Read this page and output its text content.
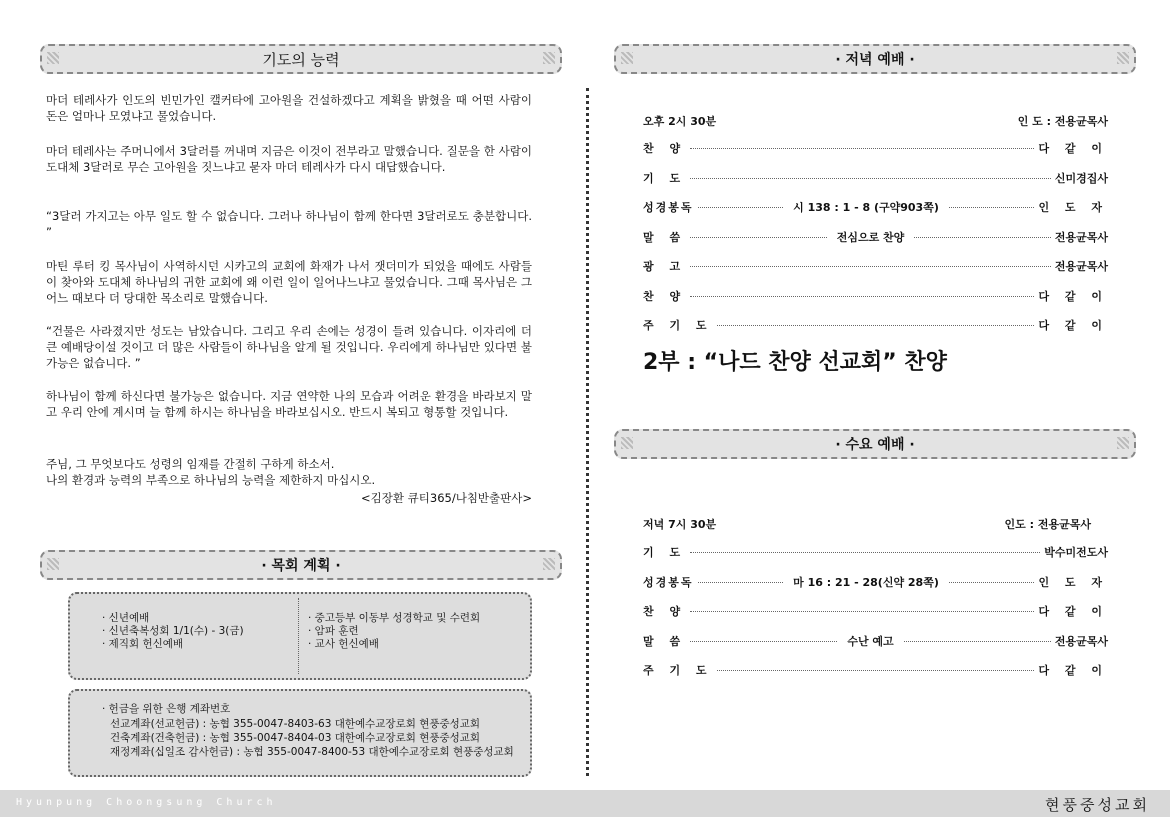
기도의 능력

마더 테레사가 인도의 빈민가인 캘커타에 고아원을 건설하겠다고 계획을 밝혔을 때 어떤 사람이 돈은 얼마나 모였냐고 물었습니다.

마더 테레사는 주머니에서 3달러를 꺼내며 지금은 이것이 전부라고 말했습니다. 질문을 한 사람이 도대체 3달러로 무슨 고아원을 짓느냐고 묻자 마더 테레사가 다시 대답했습니다.

“3달러 가지고는 아무 일도 할 수 없습니다. 그러나 하나님이 함께 한다면 3달러로도 충분합니다. ”

마틴 루터 킹 목사님이 사역하시던 시카고의 교회에 화재가 나서 잿더미가 되었을 때에도 사람들이 찾아와 도대체 하나님의 귀한 교회에 왜 이런 일이 일어나느냐고 물었습니다. 그때 목사님은 그 어느 때보다 더 당대한 목소리로 말했습니다.

“건물은 사라졌지만 성도는 남았습니다. 그리고 우리 손에는 성경이 들려 있습니다. 이자리에 더 큰 예배당이설 것이고 더 많은 사람들이 하나님을 알게 될 것입니다. 우리에게 하나님만 있다면 불가능은 없습니다. ”

하나님이 함께 하신다면 불가능은 없습니다. 지금 연약한 나의 모습과 어려운 환경을 바라보지 말고 우리 안에 계시며 늘 함께 하시는 하나님을 바라보십시오. 반드시 복되고 형통할 것입니다.

주님, 그 무엇보다도 성령의 임재를 간절히 구하게 하소서.
나의 환경과 능력의 부족으로 하나님의 능력을 제한하지 마십시오.

<김장환 큐티365/나침반출판사>
· 목회 계획 ·
· 신년예배
· 신년축복성회 1/1(수) - 3(금)
· 제직회 헌신예배
· 중고등부 이동부 성경학교 및 수련회
· 암파 훈련
· 교사 헌신예배
· 헌금을 위한 은행 계좌번호
선교계좌(선교헌금) : 농협 355-0047-8403-63 대한예수교장로회 현풍중성교회
건축계좌(건축헌금) : 농협 355-0047-8404-03 대한예수교장로회 현풍중성교회
재정계좌(십일조 감사헌금) : 농협 355-0047-8400-53 대한예수교장로회 현풍중성교회
· 저녁 예배 ·
오후 2시 30분	인 도 : 전용균목사
찬 양	다 같 이
기 도	신미경집사
성경봉독	시 138 : 1 - 8 (구약903쪽)	인 도 자
말 씀	전심으로 찬양	전용균목사
광 고	전용균목사
찬 양	다 같 이
주 기 도	다 같 이
2부 : “나드 찬양 선교회” 찬양
· 수요 예배 ·
저녁 7시 30분	인도 : 전용균목사
기 도	박수미전도사
성경봉독	마 16 : 21 - 28(신약 28쪽)	인 도 자
찬 양	다 같 이
말 씀	수난 예고	전용균목사
주 기 도	다 같 이
Hyunpung Choongsung Church	현풍중성교회
